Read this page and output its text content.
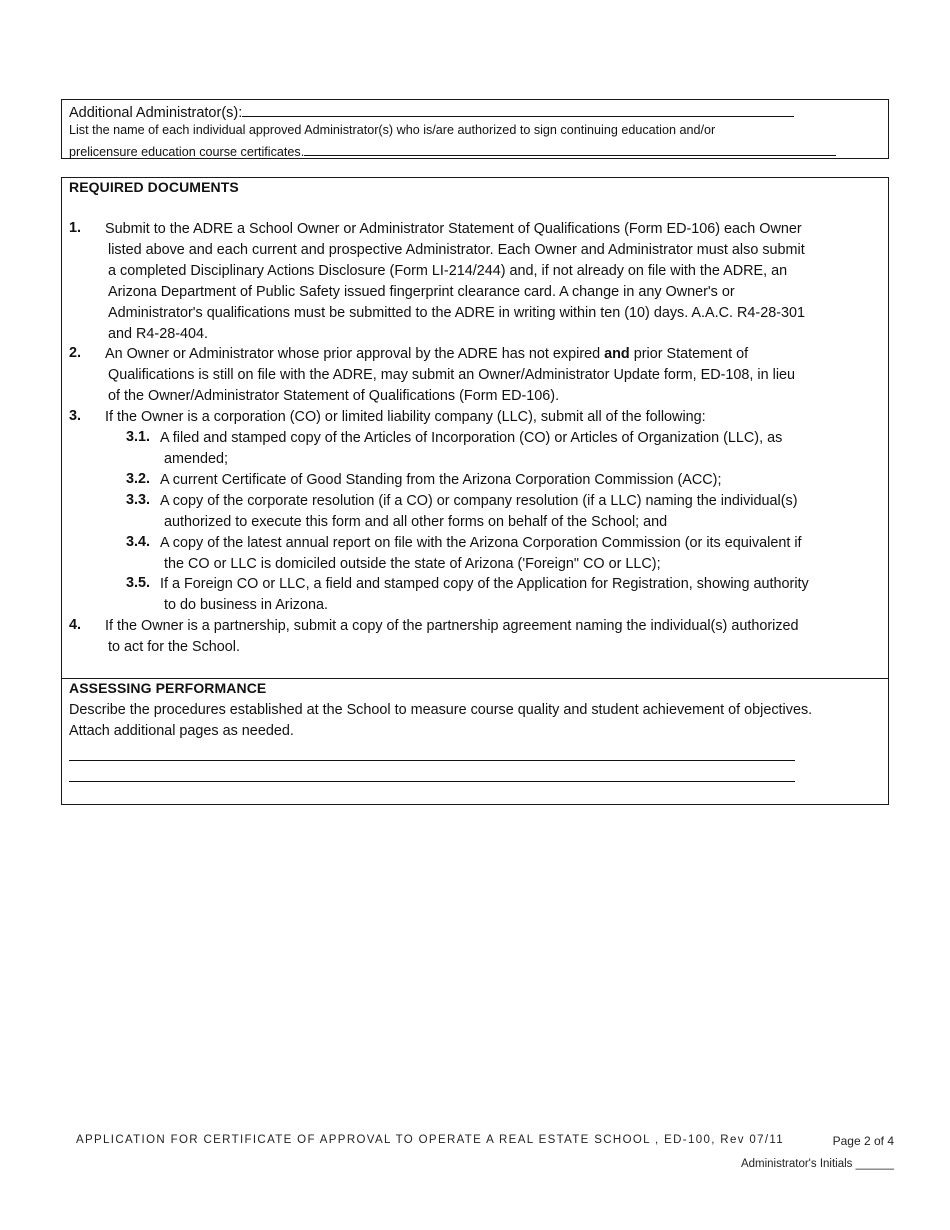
Additional Administrator(s):
List the name of each individual approved Administrator(s) who is/are authorized to sign continuing education and/or
prelicensure education course certificates.
REQUIRED DOCUMENTS
1. Submit to the ADRE a School Owner or Administrator Statement of Qualifications (Form ED-106) each Owner
listed above and each current and prospective Administrator. Each Owner and Administrator must also submit
a completed Disciplinary Actions Disclosure (Form LI-214/244) and, if not already on file with the ADRE, an
Arizona Department of Public Safety issued fingerprint clearance card. A change in any Owner's or
Administrator's qualifications must be submitted to the ADRE in writing within ten (10) days. A.A.C. R4-28-301
and R4-28-404.
2. An Owner or Administrator whose prior approval by the ADRE has not expired and prior Statement of
Qualifications is still on file with the ADRE, may submit an Owner/Administrator Update form, ED-108, in lieu
of the Owner/Administrator Statement of Qualifications (Form ED-106).
3. If the Owner is a corporation (CO) or limited liability company (LLC), submit all of the following:
3.1. A filed and stamped copy of the Articles of Incorporation (CO) or Articles of Organization (LLC), as
amended;
3.2. A current Certificate of Good Standing from the Arizona Corporation Commission (ACC);
3.3. A copy of the corporate resolution (if a CO) or company resolution (if a LLC) naming the individual(s)
authorized to execute this form and all other forms on behalf of the School; and
3.4. A copy of the latest annual report on file with the Arizona Corporation Commission (or its equivalent if
the CO or LLC is domiciled outside the state of Arizona ('Foreign" CO or LLC);
3.5. If a Foreign CO or LLC, a field and stamped copy of the Application for Registration, showing authority
to do business in Arizona.
4. If the Owner is a partnership, submit a copy of the partnership agreement naming the individual(s) authorized
to act for the School.
ASSESSING PERFORMANCE
Describe the procedures established at the School to measure course quality and student achievement of objectives.
Attach additional pages as needed.
APPLICATION FOR CERTIFICATE OF APPROVAL TO OPERATE A REAL ESTATE SCHOOL , ED-100, Rev 07/11	Page 2 of 4
Administrator's Initials ______
